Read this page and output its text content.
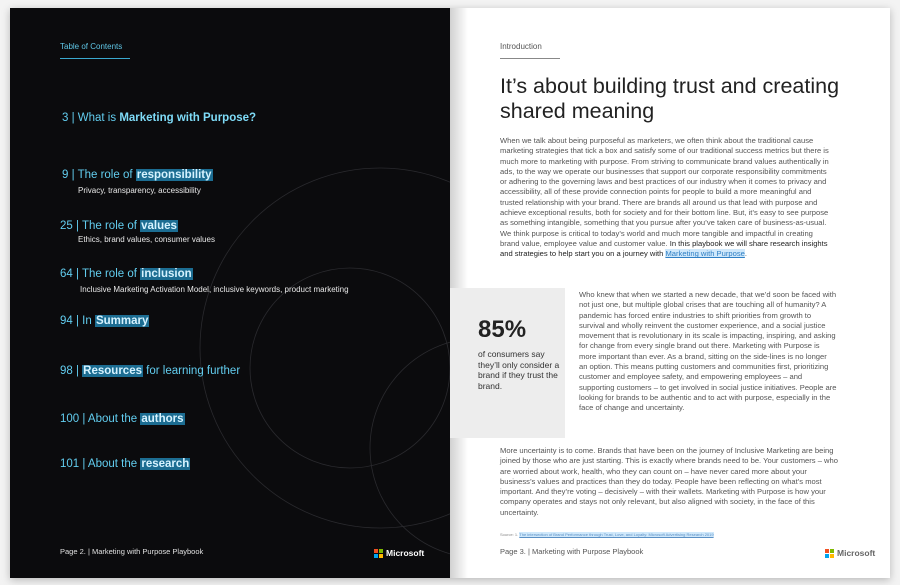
Table of Contents
3 | What is Marketing with Purpose?
9 | The role of responsibility
Privacy, transparency, accessibility
25 | The role of values
Ethics, brand values, consumer values
64 | The role of inclusion
Inclusive Marketing Activation Model, inclusive keywords, product marketing
94 | In Summary
98 | Resources for learning further
100 | About the authors
101 | About the research
Page 2. | Marketing with Purpose Playbook	Microsoft
Introduction
It’s about building trust and creating shared meaning
When we talk about being purposeful as marketers, we often think about the traditional cause marketing strategies that tick a box and satisfy some of our traditional success metrics but there is much more to marketing with purpose. From striving to communicate brand values authentically in ads, to the way we operate our businesses that support our corporate responsibility commitments or adhering to the governing laws and best practices of our industry when it comes to privacy and accessibility, all of these provide connection points for people to build a more meaningful and trusted relationship with your brand. There are brands all around us that lead with purpose and achieve exceptional results, both for society and for their bottom line. But, it’s easy to see purpose as something intangible, something that you pursue after you’ve taken care of business-as-usual. We think purpose is critical to today’s world and much more tangible and impactful in creating brand value, employee value and customer value. In this playbook we will share research insights and strategies to help start you on a journey with Marketing with Purpose.
85%
of consumers say they’ll only consider a brand if they trust the brand.
Who knew that when we started a new decade, that we’d soon be faced with not just one, but multiple global crises that are touching all of humanity? A pandemic has forced entire industries to shift priorities from growth to survival and wholly reinvent the customer experience, and a social justice movement that is revolutionary in its scale is impacting, inspiring, and asking for change from every single brand out there. Marketing with Purpose is more important than ever. As a brand, sitting on the side-lines is no longer an option. This means putting customers and communities first, prioritizing customer and employee safety, and empowering employees – and supporting customers – to get involved in social justice initiatives. People are looking for brands to be authentic and to act with purpose, especially in the face of change and uncertainty.
More uncertainty is to come. Brands that have been on the journey of Inclusive Marketing are being joined by those who are just starting. This is exactly where brands need to be. Your customers – who are worried about work, health, who they can count on – have never cared more about your business’s values and practices than they do today. People have been reflecting on what’s most important. And they’re voting – decisively – with their wallets. Marketing with Purpose is how your company operates and stays not only relevant, but also aligned with society, in the face of this uncertainty.
Source: 1. The intersection of Brand Performance through Trust, Love, and Loyalty: Microsoft Advertising Research 2019
Page 3. | Marketing with Purpose Playbook	Microsoft
